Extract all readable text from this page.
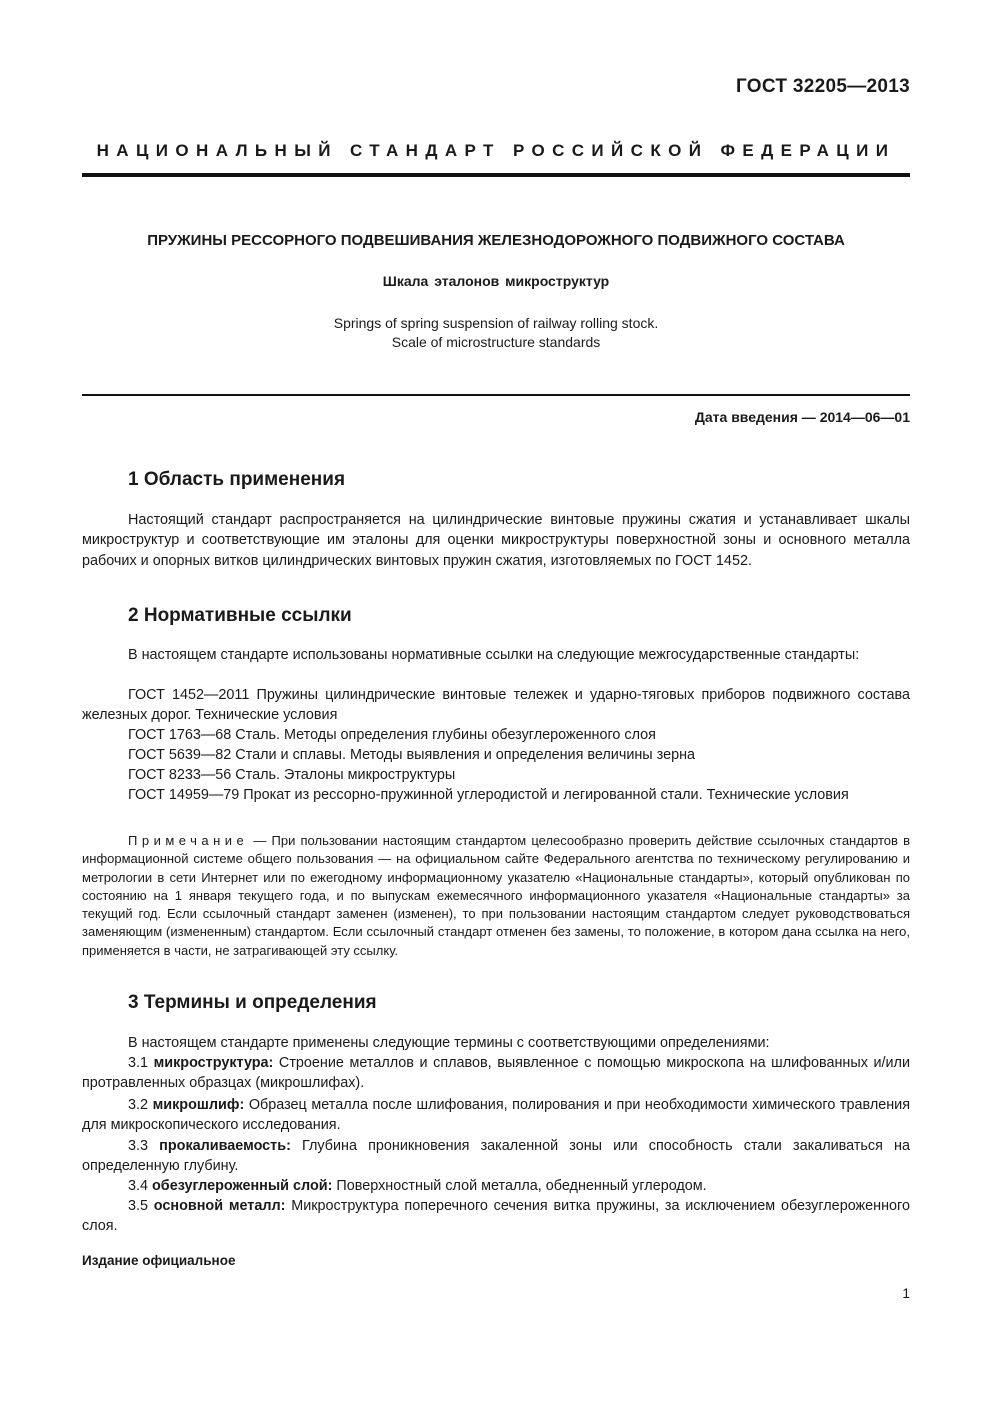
ГОСТ 32205—2013
НАЦИОНАЛЬНЫЙ СТАНДАРТ РОССИЙСКОЙ ФЕДЕРАЦИИ
ПРУЖИНЫ РЕССОРНОГО ПОДВЕШИВАНИЯ ЖЕЛЕЗНОДОРОЖНОГО ПОДВИЖНОГО СОСТАВА
Шкала эталонов микроструктур
Springs of spring suspension of railway rolling stock.
Scale of microstructure standards
Дата введения — 2014—06—01
1 Область применения
Настоящий стандарт распространяется на цилиндрические винтовые пружины сжатия и устанавливает шкалы микроструктур и соответствующие им эталоны для оценки микроструктуры поверхностной зоны и основного металла рабочих и опорных витков цилиндрических винтовых пружин сжатия, изготовляемых по ГОСТ 1452.
2 Нормативные ссылки
В настоящем стандарте использованы нормативные ссылки на следующие межгосударственные стандарты:
ГОСТ 1452—2011 Пружины цилиндрические винтовые тележек и ударно-тяговых приборов подвижного состава железных дорог. Технические условия
ГОСТ 1763—68 Сталь. Методы определения глубины обезуглероженного слоя
ГОСТ 5639—82 Стали и сплавы. Методы выявления и определения величины зерна
ГОСТ 8233—56 Сталь. Эталоны микроструктуры
ГОСТ 14959—79 Прокат из рессорно-пружинной углеродистой и легированной стали. Технические условия
Примечание — При пользовании настоящим стандартом целесообразно проверить действие ссылочных стандартов в информационной системе общего пользования — на официальном сайте Федерального агентства по техническому регулированию и метрологии в сети Интернет или по ежегодному информационному указателю «Национальные стандарты», который опубликован по состоянию на 1 января текущего года, и по выпускам ежемесячного информационного указателя «Национальные стандарты» за текущий год. Если ссылочный стандарт заменен (изменен), то при пользовании настоящим стандартом следует руководствоваться заменяющим (измененным) стандартом. Если ссылочный стандарт отменен без замены, то положение, в котором дана ссылка на него, применяется в части, не затрагивающей эту ссылку.
3 Термины и определения
В настоящем стандарте применены следующие термины с соответствующими определениями:
3.1 микроструктура: Строение металлов и сплавов, выявленное с помощью микроскопа на шлифованных и/или протравленных образцах (микрошлифах).
3.2 микрошлиф: Образец металла после шлифования, полирования и при необходимости химического травления для микроскопического исследования.
3.3 прокаливаемость: Глубина проникновения закаленной зоны или способность стали закаливаться на определенную глубину.
3.4 обезуглероженный слой: Поверхностный слой металла, обедненный углеродом.
3.5 основной металл: Микроструктура поперечного сечения витка пружины, за исключением обезуглероженного слоя.
Издание официальное
1
